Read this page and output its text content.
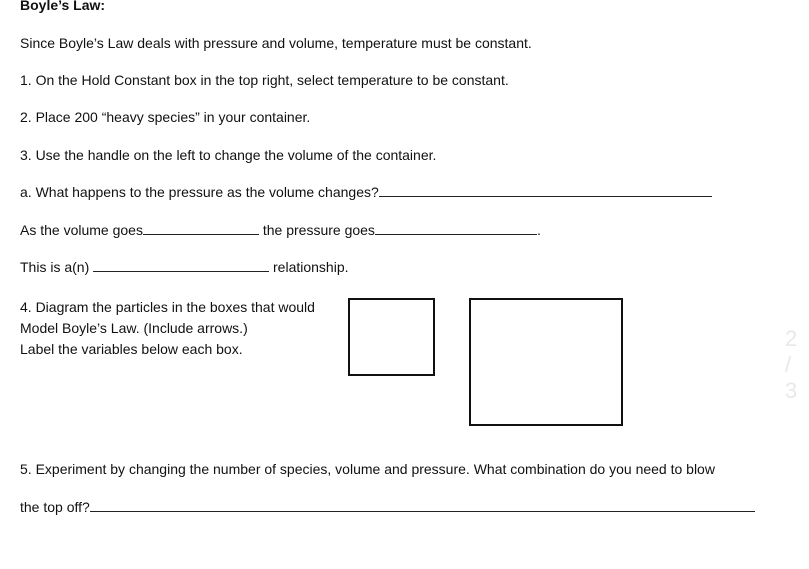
Boyle’s Law:
Since Boyle’s Law deals with pressure and volume, temperature must be constant.
1. On the Hold Constant box in the top right, select temperature to be constant.
2. Place 200 “heavy species” in your container.
3. Use the handle on the left to change the volume of the container.
a. What happens to the pressure as the volume changes?
As the volume goes	the pressure goes	.
This is a(n)	relationship.
4. Diagram the particles in the boxes that would
Model Boyle’s Law. (Include arrows.)
Label the variables below each box.
5. Experiment by changing the number of species, volume and pressure. What combination do you need to blow
the top off?
2 / 3
